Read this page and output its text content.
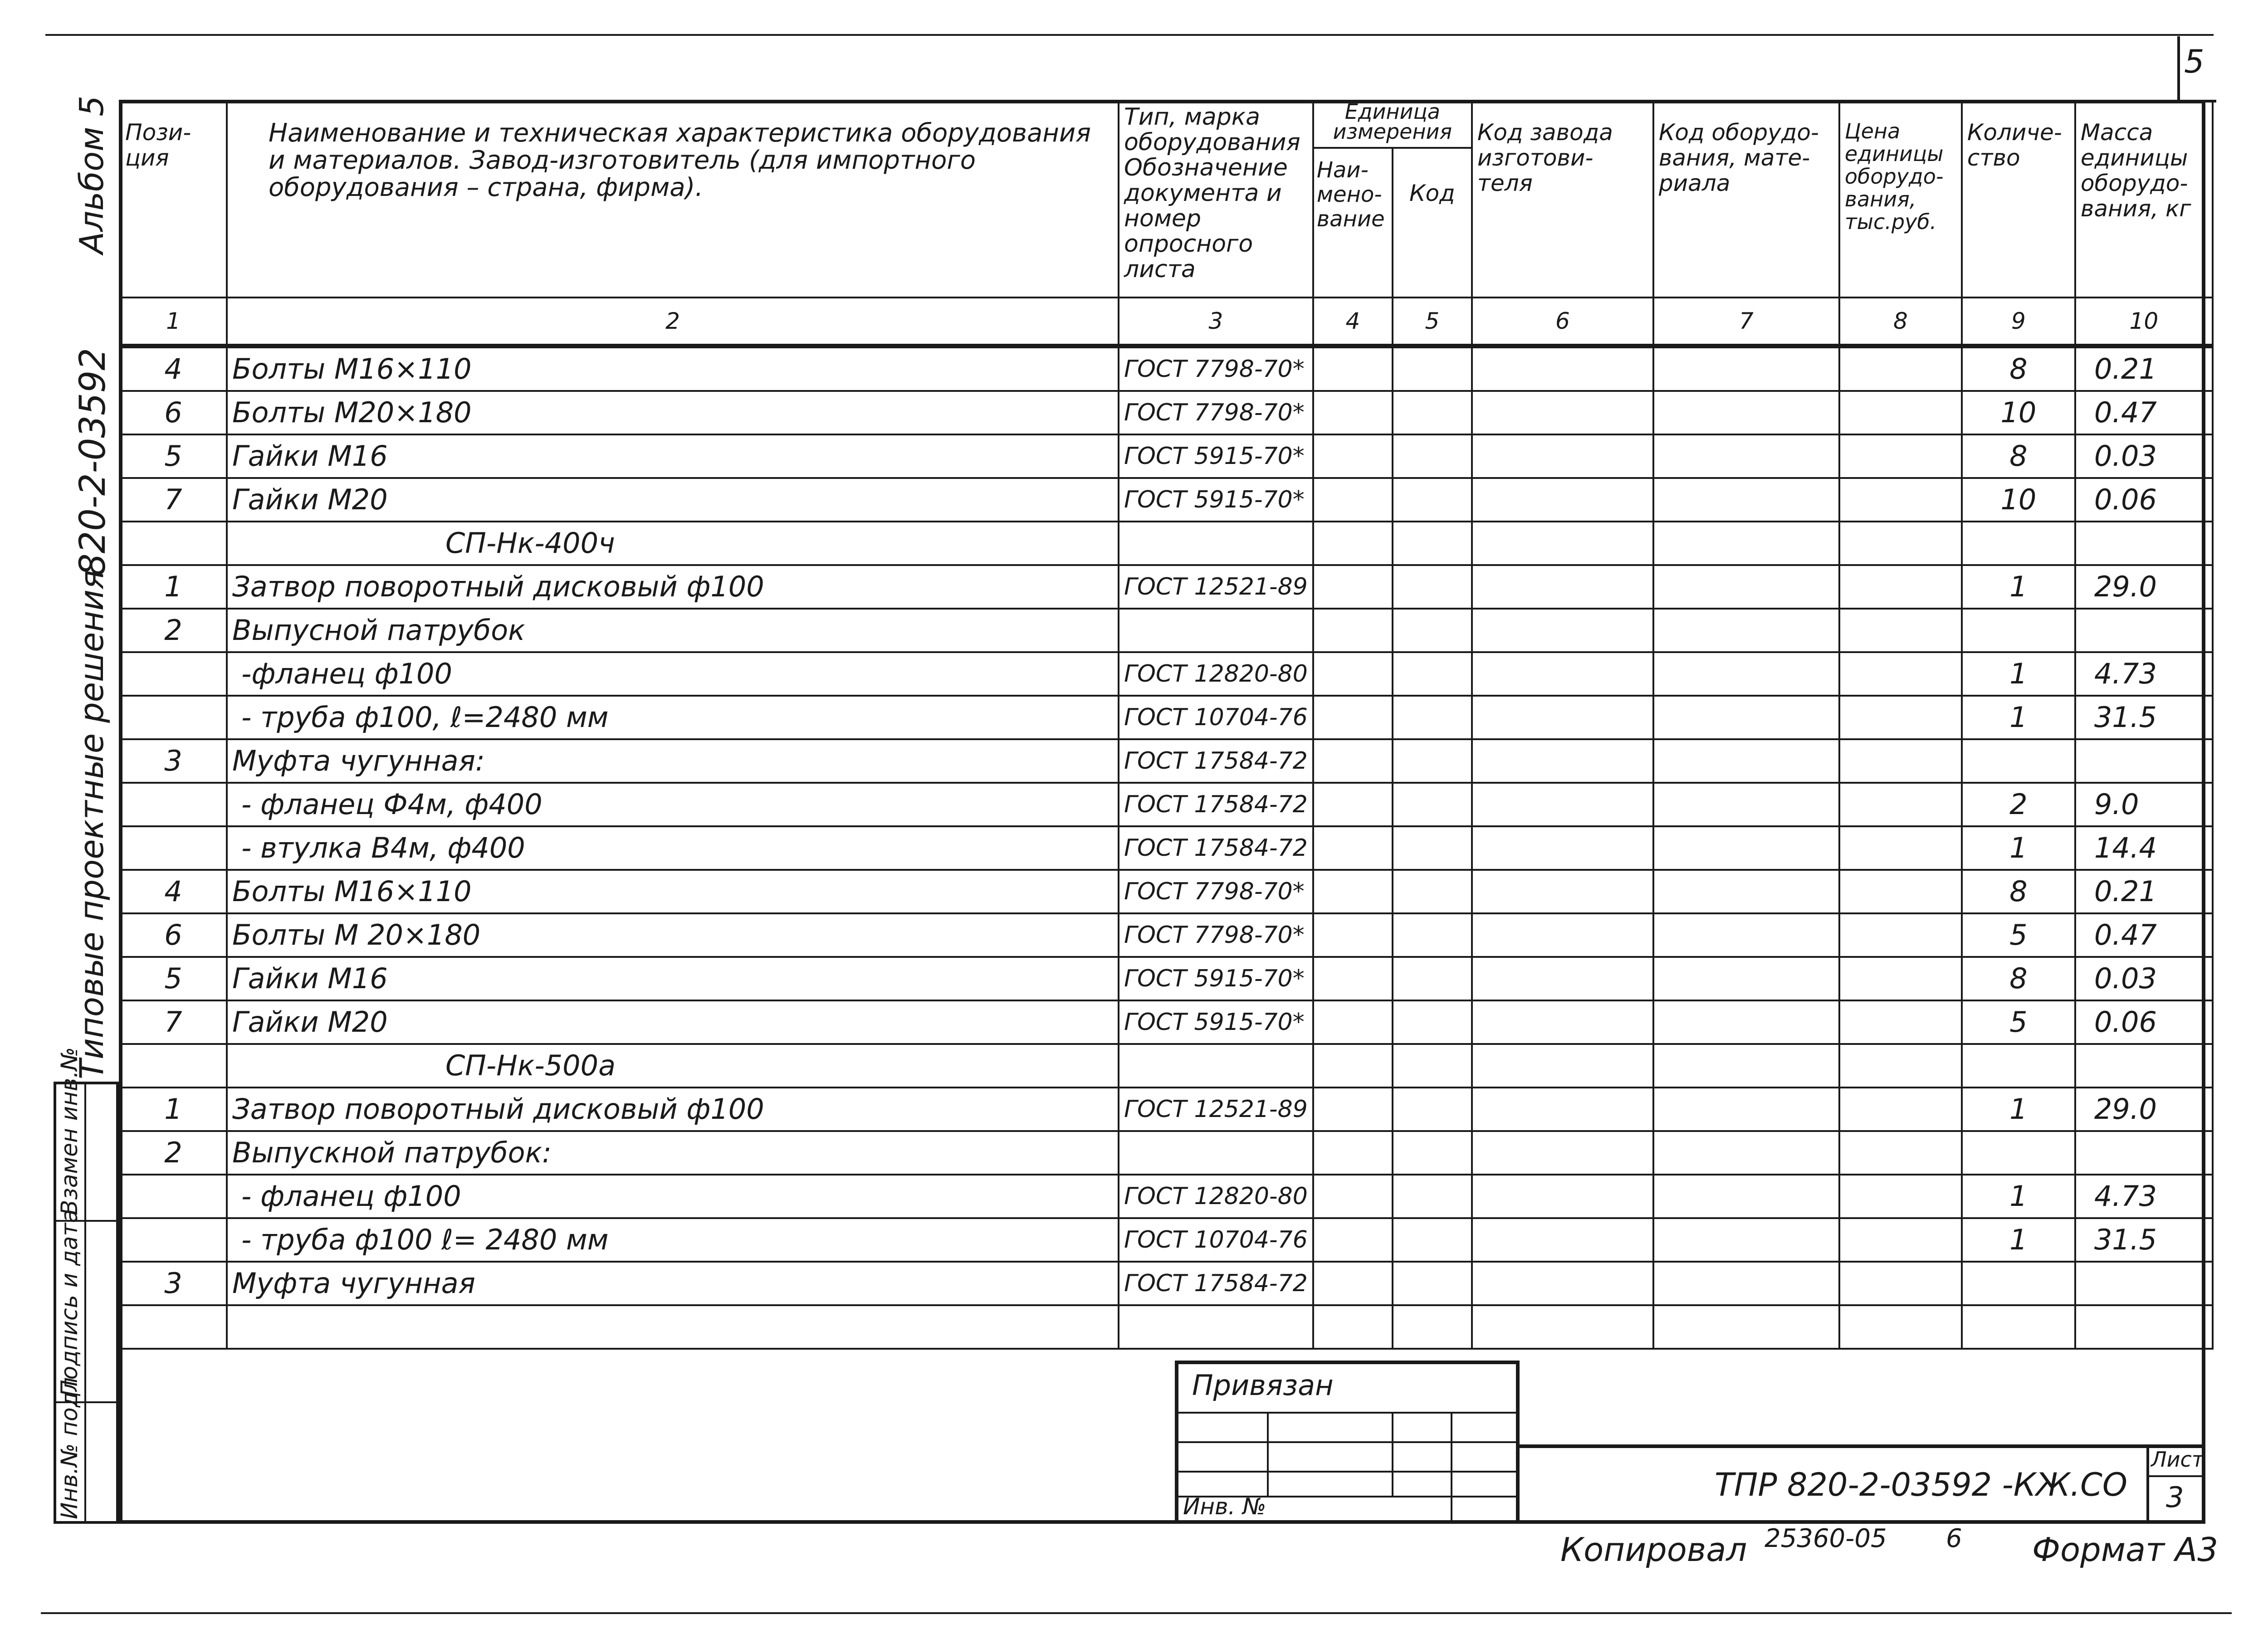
5
Альбом 5
820-2-03592
Типовые проектные решения
Взамен инв.№
Подпись и дата
Инв.№ подл
Пози-ция	Наименование и техническая характеристика оборудования и материалов. Завод-изготовитель (для импортного оборудования – страна, фирма).	Тип, марка оборудования Обозначение документа и номер опросного листа	Единица измерения		Код завода изготови-теля	Код оборудо-вания, мате-риала	Цена единицы оборудо-вания, тыс.руб.	Количе-ство	Масса единицы оборудо-вания, кг
			Наи-мено-вание	Код					
1	2	3	4	5	6	7	8	9	10
4	Болты М16×110	ГОСТ 7798-70*						8	0.21
6	Болты М20×180	ГОСТ 7798-70*						10	0.47
5	Гайки М16	ГОСТ 5915-70*						8	0.03
7	Гайки М20	ГОСТ 5915-70*						10	0.06
	СП-Нк-400ч								
1	Затвор поворотный дисковый ф100	ГОСТ 12521-89						1	29.0
2	Выпусной патрубок								
	-фланец ф100	ГОСТ 12820-80						1	4.73
	- труба ф100, ℓ=2480 мм	ГОСТ 10704-76						1	31.5
3	Муфта чугунная:	ГОСТ 17584-72							
	- фланец Ф4м, ф400	ГОСТ 17584-72						2	9.0
	- втулка В4м, ф400	ГОСТ 17584-72						1	14.4
4	Болты М16×110	ГОСТ 7798-70*						8	0.21
6	Болты М 20×180	ГОСТ 7798-70*						5	0.47
5	Гайки М16	ГОСТ 5915-70*						8	0.03
7	Гайки М20	ГОСТ 5915-70*						5	0.06
	СП-Нк-500а								
1	Затвор поворотный дисковый ф100	ГОСТ 12521-89						1	29.0
2	Выпускной патрубок:								
	- фланец ф100	ГОСТ 12820-80						1	4.73
	- труба ф100 ℓ= 2480 мм	ГОСТ 10704-76						1	31.5
3	Муфта чугунная	ГОСТ 17584-72							

Привязан
Инв. №
ТПР 820-2-03592 -КЖ.СО
Лист
3
Копировал 25360-05 6 Формат А3
